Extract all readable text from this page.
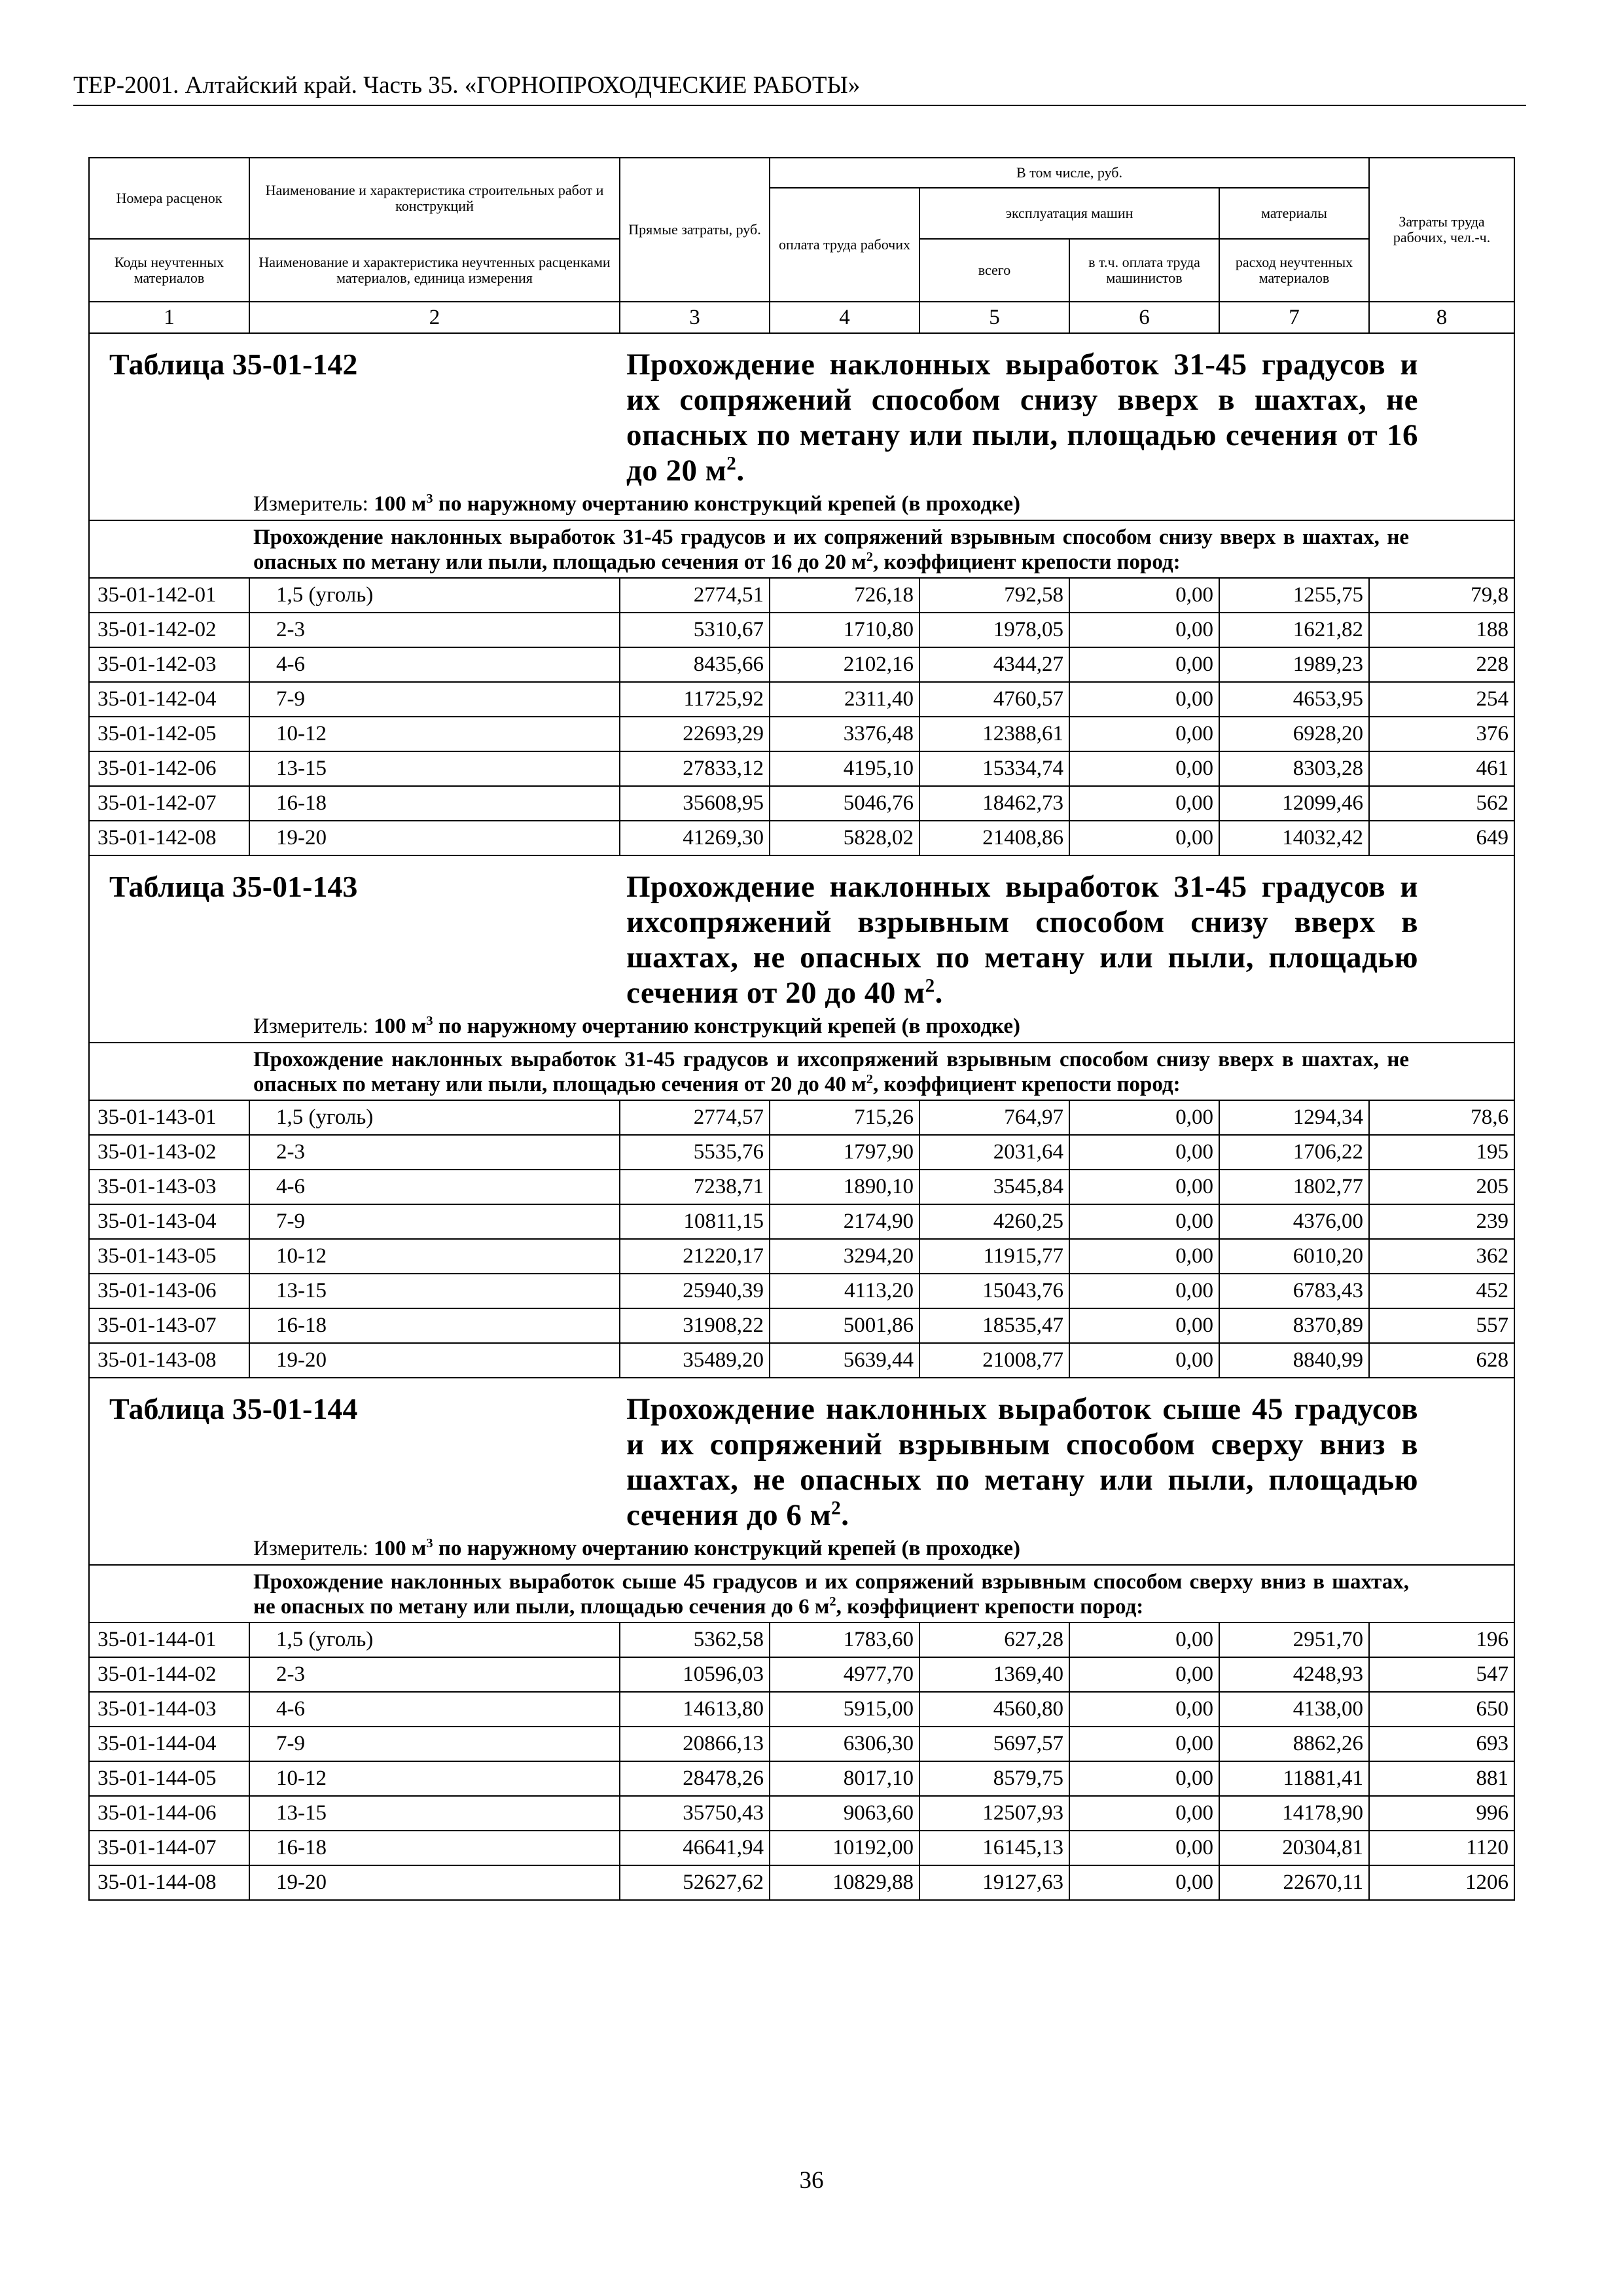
ТЕР-2001. Алтайский край. Часть 35. «ГОРНОПРОХОДЧЕСКИЕ РАБОТЫ»
Номера расценок	Наименование и характеристика строительных работ и конструкций	Прямые затраты, руб.	В том числе, руб.				Затраты труда рабочих, чел.-ч.
			оплата труда рабочих	эксплуатация машин		материалы	
Коды неучтенных материалов	Наименование и характеристика неучтенных расценками материалов, единица измерения			всего	в т.ч. оплата труда машинистов	расход неучтенных материалов	
1	2	3	4	5	6	7	8

Таблица 35-01-142 Прохождение наклонных выработок 31-45 градусов и их сопряжений способом снизу вверх в шахтах, не опасных по метану или пыли, площадью сечения от 16 до 20 $м^2$.							

Измеритель: 100 $м^3$ по наружному очертанию конструкций крепей (в проходке)							
Прохождение наклонных выработок 31-45 градусов и их сопряжений взрывным способом снизу вверх в шахтах, не опасных по метану или пыли, площадью сечения от 16 до 20 $м^2$, коэффициент крепости пород:							
35-01-142-01	1,5 (уголь)	2774,51	726,18	792,58	0,00	1255,75	79,8
35-01-142-02	2-3	5310,67	1710,80	1978,05	0,00	1621,82	188
35-01-142-03	4-6	8435,66	2102,16	4344,27	0,00	1989,23	228
35-01-142-04	7-9	11725,92	2311,40	4760,57	0,00	4653,95	254
35-01-142-05	10-12	22693,29	3376,48	12388,61	0,00	6928,20	376
35-01-142-06	13-15	27833,12	4195,10	15334,74	0,00	8303,28	461
35-01-142-07	16-18	35608,95	5046,76	18462,73	0,00	12099,46	562
35-01-142-08	19-20	41269,30	5828,02	21408,86	0,00	14032,42	649

Таблица 35-01-143 Прохождение наклонных выработок 31-45 градусов и ихсопряжений взрывным способом снизу вверх в шахтах, не опасных по метану или пыли, площадью сечения от 20 до 40 $м^2$.							

Измеритель: 100 $м^3$ по наружному очертанию конструкций крепей (в проходке)							
Прохождение наклонных выработок 31-45 градусов и ихсопряжений взрывным способом снизу вверх в шахтах, не опасных по метану или пыли, площадью сечения от 20 до 40 $м^2$, коэффициент крепости пород:							
35-01-143-01	1,5 (уголь)	2774,57	715,26	764,97	0,00	1294,34	78,6
35-01-143-02	2-3	5535,76	1797,90	2031,64	0,00	1706,22	195
35-01-143-03	4-6	7238,71	1890,10	3545,84	0,00	1802,77	205
35-01-143-04	7-9	10811,15	2174,90	4260,25	0,00	4376,00	239
35-01-143-05	10-12	21220,17	3294,20	11915,77	0,00	6010,20	362
35-01-143-06	13-15	25940,39	4113,20	15043,76	0,00	6783,43	452
35-01-143-07	16-18	31908,22	5001,86	18535,47	0,00	8370,89	557
35-01-143-08	19-20	35489,20	5639,44	21008,77	0,00	8840,99	628

Таблица 35-01-144 Прохождение наклонных выработок сыше 45 градусов и их сопряжений взрывным способом сверху вниз в шахтах, не опасных по метану или пыли, площадью сечения до 6 $м^2$.							

Измеритель: 100 $м^3$ по наружному очертанию конструкций крепей (в проходке)							
Прохождение наклонных выработок сыше 45 градусов и их сопряжений взрывным способом сверху вниз в шахтах, не опасных по метану или пыли, площадью сечения до 6 $м^2$, коэффициент крепости пород:							
35-01-144-01	1,5 (уголь)	5362,58	1783,60	627,28	0,00	2951,70	196
35-01-144-02	2-3	10596,03	4977,70	1369,40	0,00	4248,93	547
35-01-144-03	4-6	14613,80	5915,00	4560,80	0,00	4138,00	650
35-01-144-04	7-9	20866,13	6306,30	5697,57	0,00	8862,26	693
35-01-144-05	10-12	28478,26	8017,10	8579,75	0,00	11881,41	881
35-01-144-06	13-15	35750,43	9063,60	12507,93	0,00	14178,90	996
35-01-144-07	16-18	46641,94	10192,00	16145,13	0,00	20304,81	1120
35-01-144-08	19-20	52627,62	10829,88	19127,63	0,00	22670,11	1206
36
